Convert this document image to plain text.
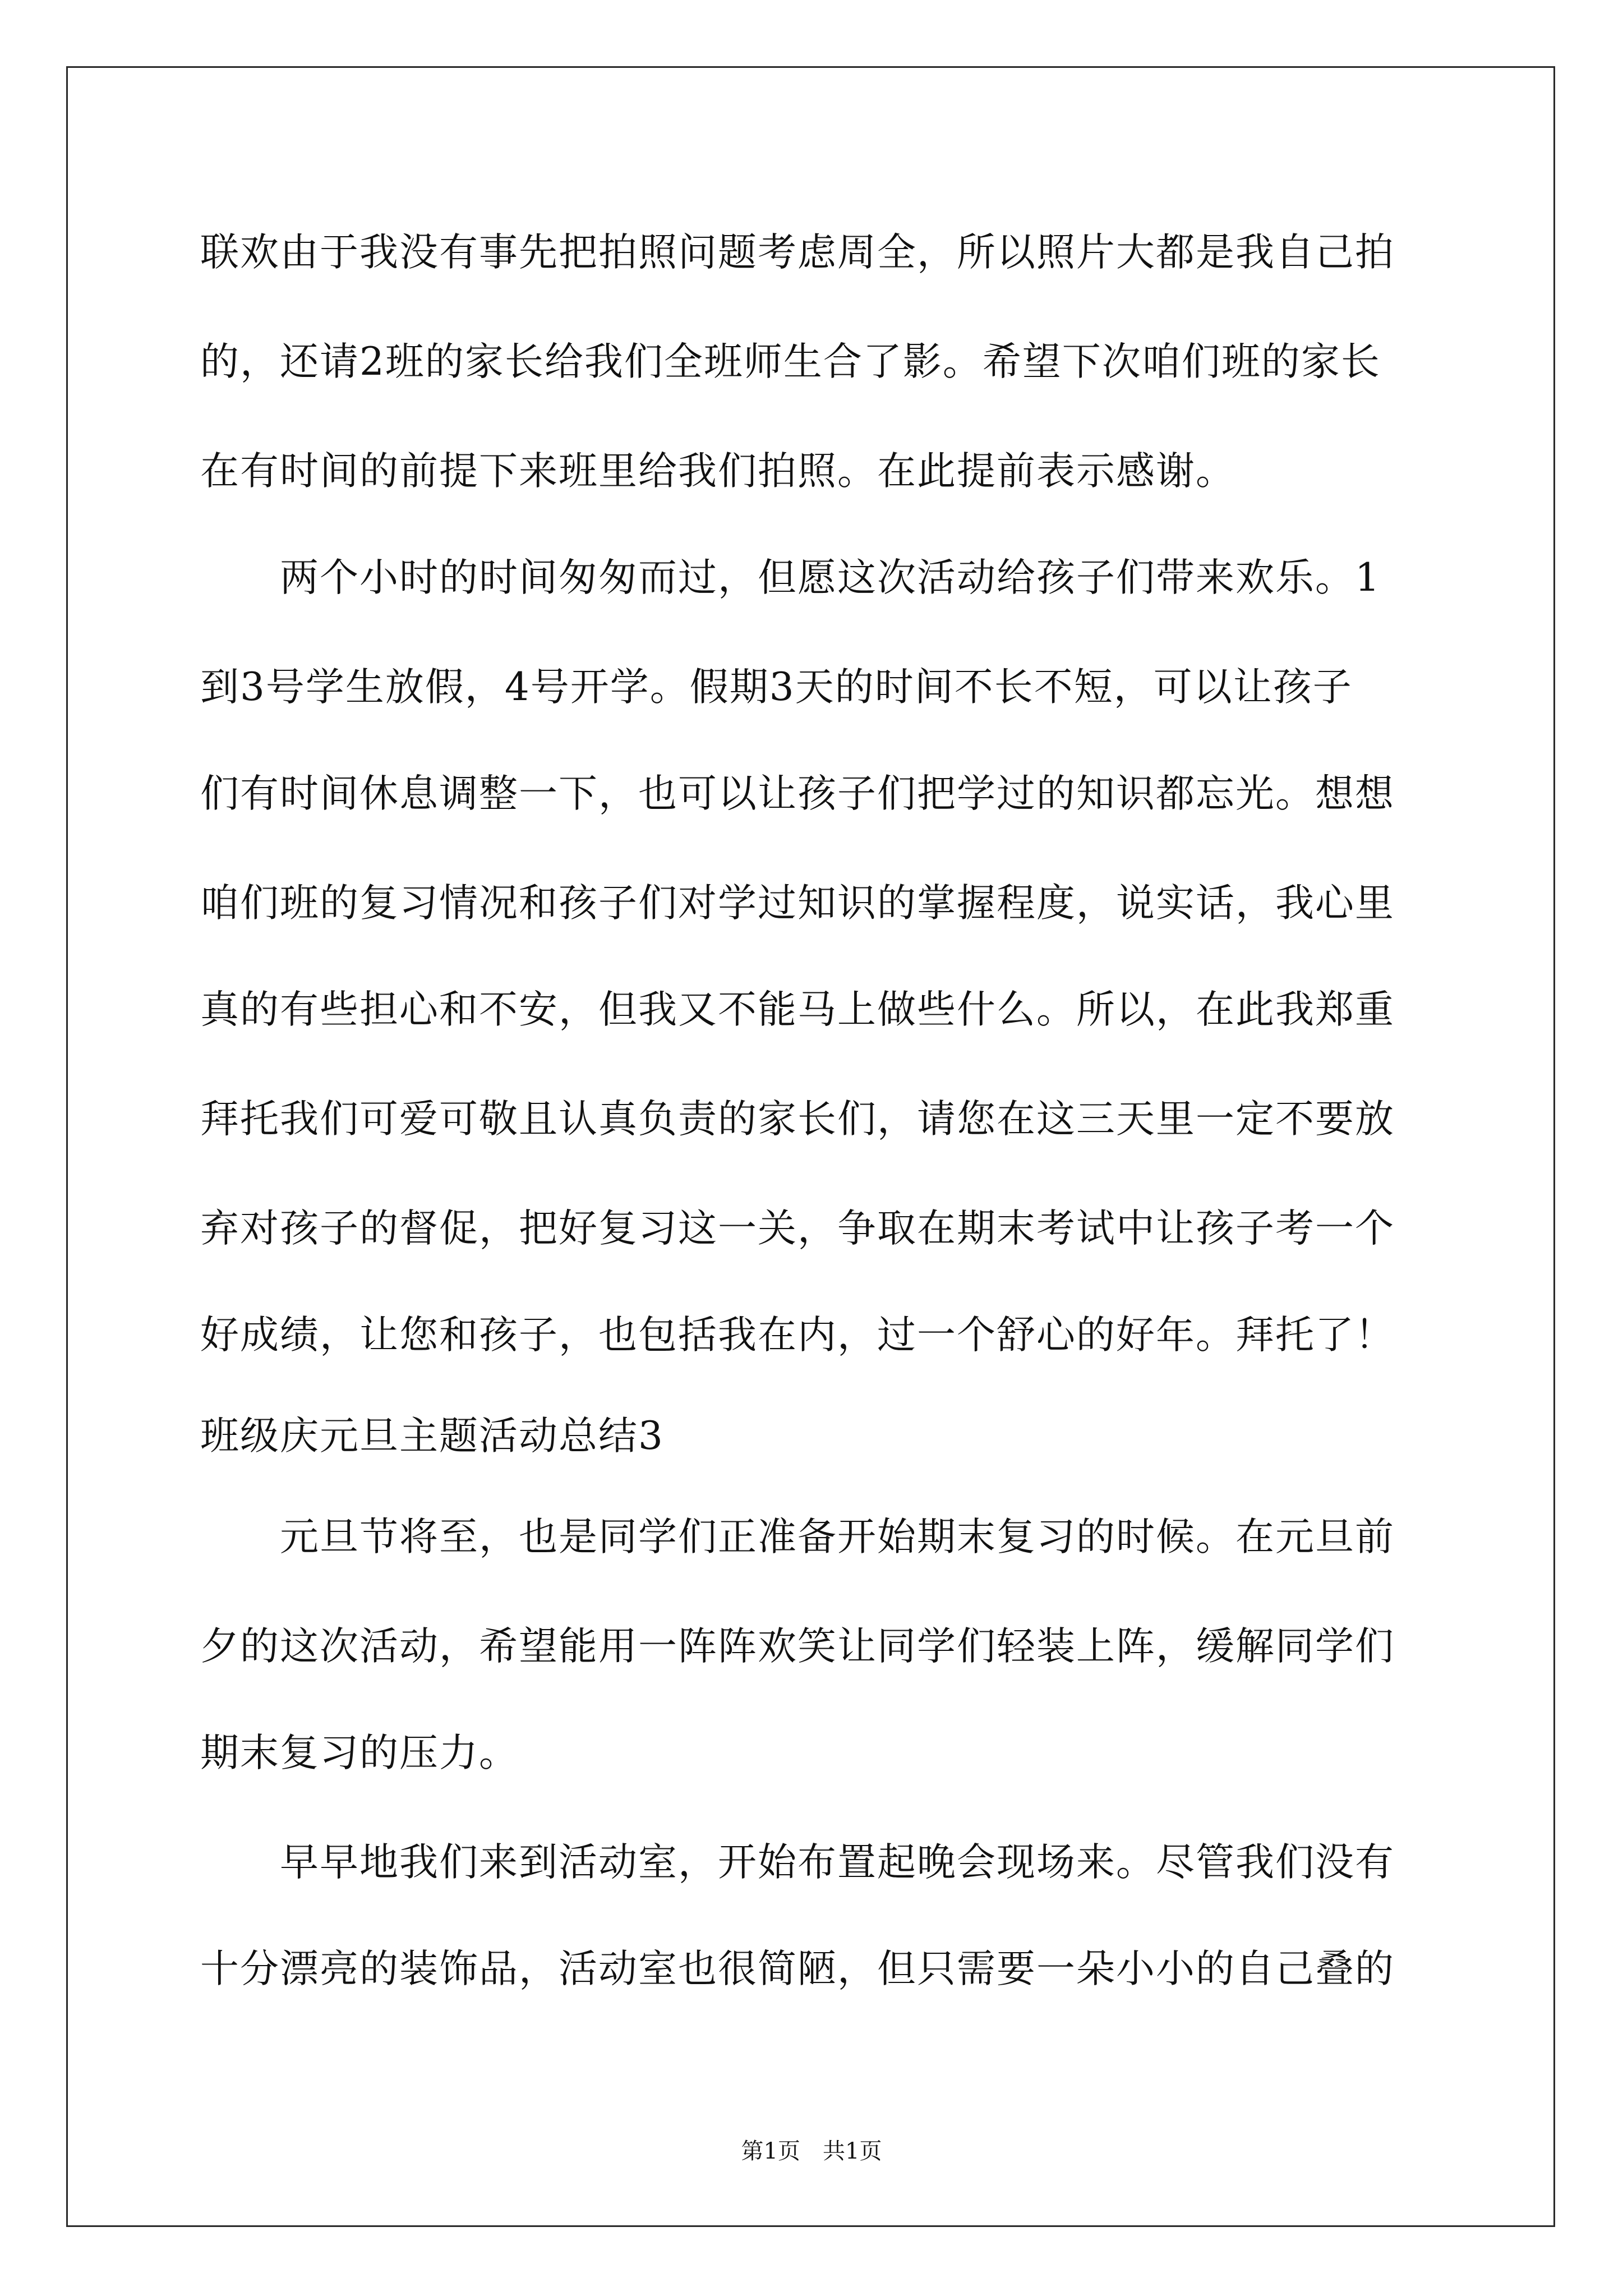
联欢由于我没有事先把拍照问题考虑周全，所以照片大都是我自己拍
的，还请2班的家长给我们全班师生合了影。希望下次咱们班的家长
在有时间的前提下来班里给我们拍照。在此提前表示感谢。
　　两个小时的时间匆匆而过，但愿这次活动给孩子们带来欢乐。1
到3号学生放假，4号开学。假期3天的时间不长不短，可以让孩子
们有时间休息调整一下，也可以让孩子们把学过的知识都忘光。想想
咱们班的复习情况和孩子们对学过知识的掌握程度，说实话，我心里
真的有些担心和不安，但我又不能马上做些什么。所以，在此我郑重
拜托我们可爱可敬且认真负责的家长们，请您在这三天里一定不要放
弃对孩子的督促，把好复习这一关，争取在期末考试中让孩子考一个
好成绩，让您和孩子，也包括我在内，过一个舒心的好年。拜托了！
班级庆元旦主题活动总结3
　　元旦节将至，也是同学们正准备开始期末复习的时候。在元旦前
夕的这次活动，希望能用一阵阵欢笑让同学们轻装上阵，缓解同学们
期末复习的压力。
　　早早地我们来到活动室，开始布置起晚会现场来。尽管我们没有
十分漂亮的装饰品，活动室也很简陋，但只需要一朵小小的自己叠的
第1页　共1页
